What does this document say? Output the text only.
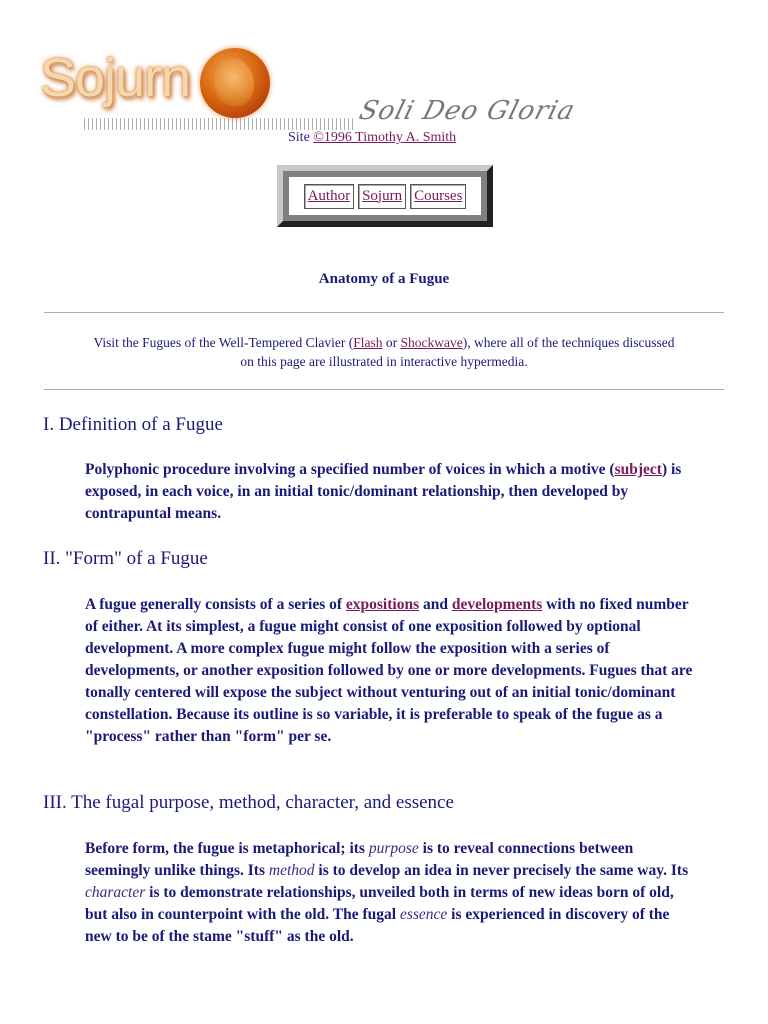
Sojurn
Soli Deo Gloria
Site ©1996 Timothy A. Smith
Author Sojurn Courses
Anatomy of a Fugue
Visit the Fugues of the Well-Tempered Clavier (Flash or Shockwave), where all of the techniques discussed on this page are illustrated in interactive hypermedia.
I. Definition of a Fugue

Polyphonic procedure involving a specified number of voices in which a motive (subject) is exposed, in each voice, in an initial tonic/dominant relationship, then developed by contrapuntal means.

II. "Form" of a Fugue

A fugue generally consists of a series of expositions and developments with no fixed number of either. At its simplest, a fugue might consist of one exposition followed by optional development. A more complex fugue might follow the exposition with a series of developments, or another exposition followed by one or more developments. Fugues that are tonally centered will expose the subject without venturing out of an initial tonic/dominant constellation. Because its outline is so variable, it is preferable to speak of the fugue as a "process" rather than "form" per se.

III. The fugal purpose, method, character, and essence

Before form, the fugue is metaphorical; its purpose is to reveal connections between seemingly unlike things. Its method is to develop an idea in never precisely the same way. Its character is to demonstrate relationships, unveiled both in terms of new ideas born of old, but also in counterpoint with the old. The fugal essence is experienced in discovery of the new to be of the stame "stuff" as the old.
